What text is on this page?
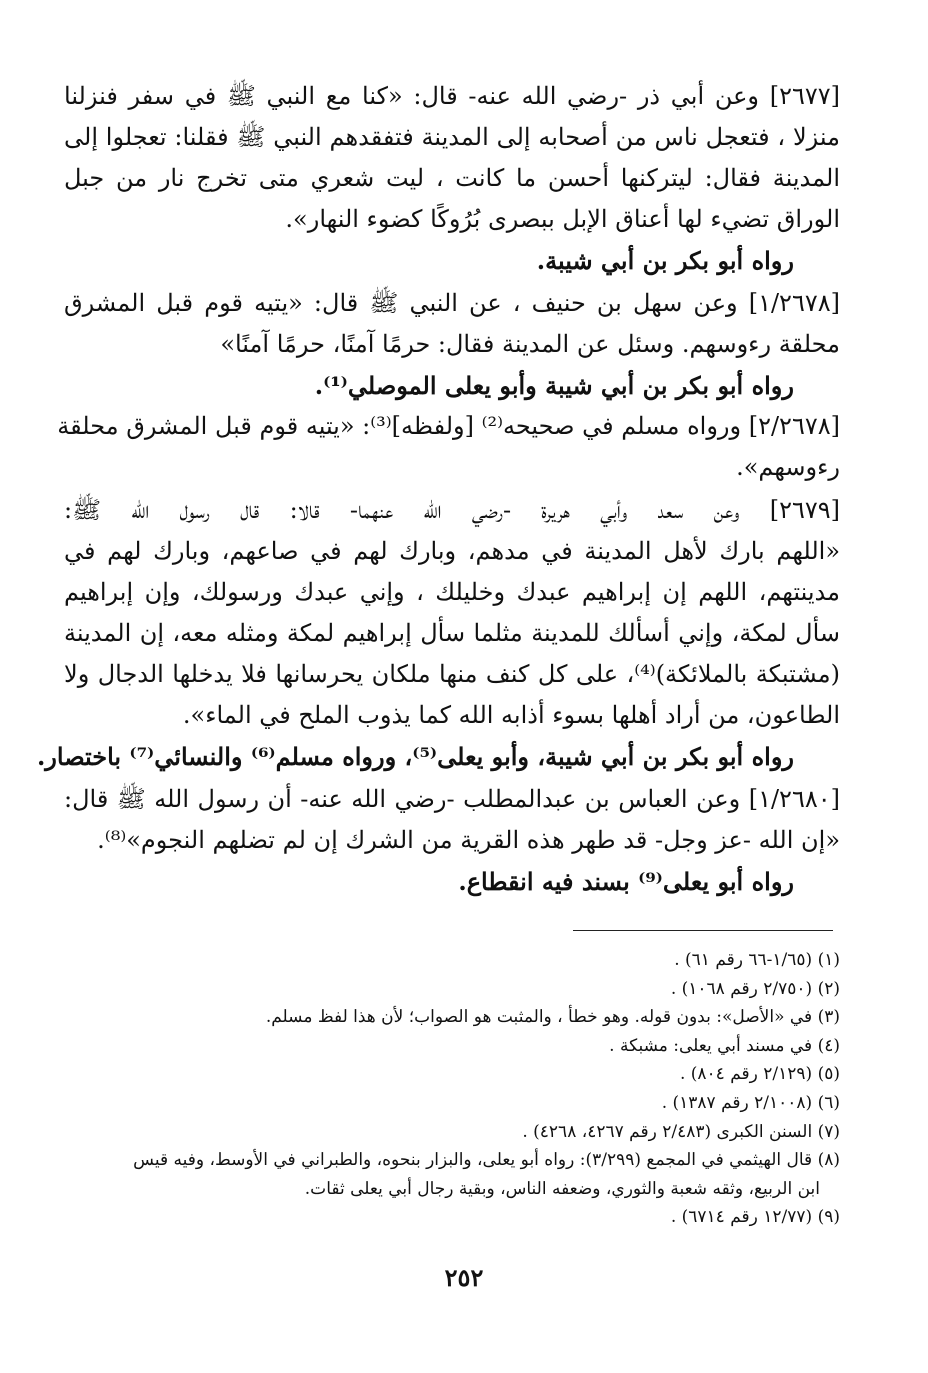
[٢٦٧٧] وعن أبي ذر -رضي الله عنه- قال: «كنا مع النبي ﷺ في سفر فنزلنا
منزلا ، فتعجل ناس من أصحابه إلى المدينة فتفقدهم النبي ﷺ فقلنا: تعجلوا إلى
المدينة فقال: ليتركنها أحسن ما كانت ، ليت شعري متى تخرج نار من جبل
الوراق تضيء لها أعناق الإبل ببصرى بُرُوكًا كضوء النهار».
رواه أبو بكر بن أبي شيبة.
[١/٢٦٧٨] وعن سهل بن حنيف ، عن النبي ﷺ قال: «يتيه قوم قبل المشرق
محلقة رءوسهم. وسئل عن المدينة فقال: حرمًا آمنًا، حرمًا آمنًا»
رواه أبو بكر بن أبي شيبة وأبو يعلى الموصلي⁽¹⁾.
[٢/٢٦٧٨] ورواه مسلم في صحيحه⁽²⁾ [ولفظه]⁽³⁾: «يتيه قوم قبل المشرق محلقة
رءوسهم».
[٢٦٧٩] وعن سعد وأبي هريرة -رضي الله عنهما- قالا: قال رسول الله ﷺ:
«اللهم بارك لأهل المدينة في مدهم، وبارك لهم في صاعهم، وبارك لهم في
مدينتهم، اللهم إن إبراهيم عبدك وخليلك ، وإني عبدك ورسولك، وإن إبراهيم
سأل لمكة، وإني أسألك للمدينة مثلما سأل إبراهيم لمكة ومثله معه، إن المدينة
(مشتبكة بالملائكة)⁽⁴⁾، على كل كنف منها ملكان يحرسانها فلا يدخلها الدجال ولا
الطاعون، من أراد أهلها بسوء أذابه الله كما يذوب الملح في الماء».
رواه أبو بكر بن أبي شيبة، وأبو يعلى⁽⁵⁾، ورواه مسلم⁽⁶⁾ والنسائي⁽⁷⁾ باختصار.
[١/٢٦٨٠] وعن العباس بن عبدالمطلب -رضي الله عنه- أن رسول الله ﷺ قال:
«إن الله -عز وجل- قد طهر هذه القرية من الشرك إن لم تضلهم النجوم»⁽⁸⁾.
رواه أبو يعلى⁽⁹⁾ بسند فيه انقطاع.
(١) (١/٦٥-٦٦ رقم ٦١) .
(٢) (٢/٧٥٠ رقم ١٠٦٨) .
(٣) في «الأصل»: بدون قوله. وهو خطأ ، والمثبت هو الصواب؛ لأن هذا لفظ مسلم.
(٤) في مسند أبي يعلى: مشبكة .
(٥) (٢/١٢٩ رقم ٨٠٤) .
(٦) (٢/١٠٠٨ رقم ١٣٨٧) .
(٧) السنن الكبرى (٢/٤٨٣ رقم ٤٢٦٧، ٤٢٦٨) .
(٨) قال الهيثمي في المجمع (٣/٢٩٩): رواه أبو يعلى، والبزار بنحوه، والطبراني في الأوسط، وفيه قيس
ابن الربيع، وثقه شعبة والثوري، وضعفه الناس، وبقية رجال أبي يعلى ثقات.
(٩) (١٢/٧٧ رقم ٦٧١٤) .
٢٥٢
